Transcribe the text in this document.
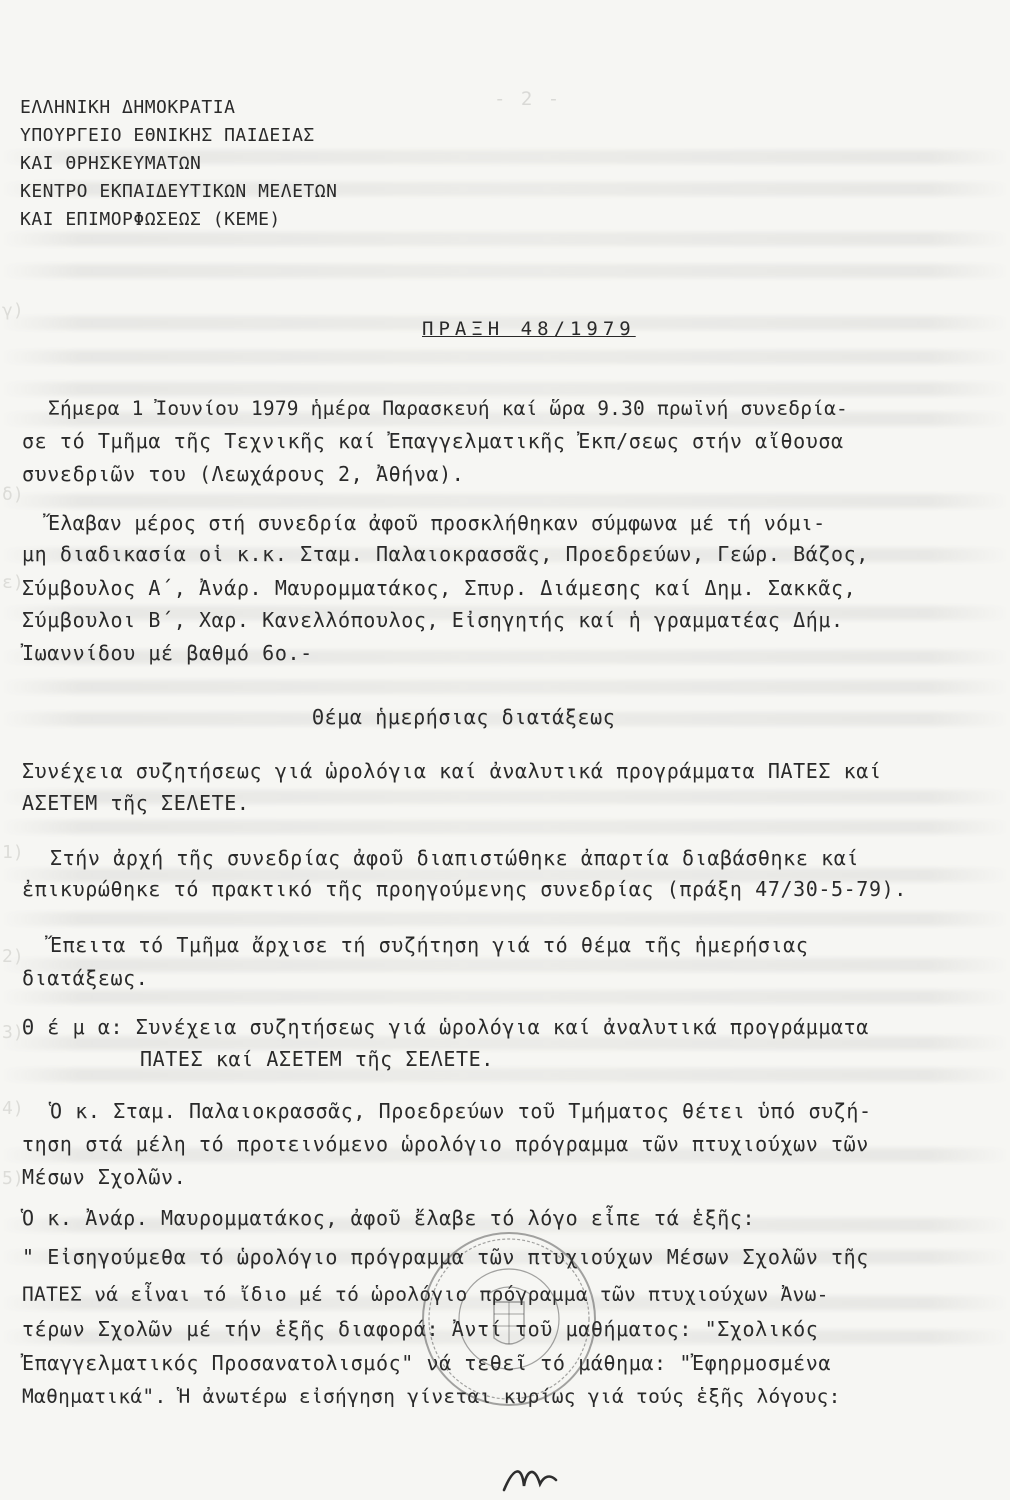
- 2 -
γ)
δ)
ε)
1)
2)
3)
4)
5)
ΕΛΛΗΝΙΚΗ ΔΗΜΟΚΡΑΤΙΑ
ΥΠΟΥΡΓΕΙΟ ΕΘΝΙΚΗΣ ΠΑΙΔΕΙΑΣ
ΚΑΙ ΘΡΗΣΚΕΥΜΑΤΩΝ
ΚΕΝΤΡΟ ΕΚΠΑΙΔΕΥΤΙΚΩΝ ΜΕΛΕΤΩΝ
ΚΑΙ ΕΠΙΜΟΡΦΩΣΕΩΣ (ΚΕΜΕ)
ΠΡΑΞΗ 48/1979
Σήμερα 1 Ἰουνίου 1979 ἡμέρα Παρασκευή καί ὥρα 9.30 πρωϊνή συνεδρία-
σε τό Τμῆμα τῆς Τεχνικῆς καί Ἐπαγγελματικῆς Ἐκπ/σεως στήν αἴθουσα
συνεδριῶν του (Λεωχάρους 2, Ἀθήνα).
Ἔλαβαν μέρος στή συνεδρία ἀφοῦ προσκλήθηκαν σύμφωνα μέ τή νόμι-
μη διαδικασία οἱ κ.κ. Σταμ. Παλαιοκρασσᾶς, Προεδρεύων, Γεώρ. Βάζος,
Σύμβουλος Α΄, Ἀνάρ. Μαυρομματάκος, Σπυρ. Διάμεσης καί Δημ. Σακκᾶς,
Σύμβουλοι Β΄, Χαρ. Κανελλόπουλος, Εἰσηγητής καί ἡ γραμματέας Δήμ.
Ἰωαννίδου μέ βαθμό 6ο.-
Θέμα ἡμερήσιας διατάξεως
Συνέχεια συζητήσεως γιά ὡρολόγια καί ἀναλυτικά προγράμματα ΠΑΤΕΣ καί
ΑΣΕΤΕΜ τῆς ΣΕΛΕΤΕ.
Στήν ἀρχή τῆς συνεδρίας ἀφοῦ διαπιστώθηκε ἀπαρτία διαβάσθηκε καί
ἐπικυρώθηκε τό πρακτικό τῆς προηγούμενης συνεδρίας (πράξη 47/30-5-79).
Ἔπειτα τό Τμῆμα ἄρχισε τή συζήτηση γιά τό θέμα τῆς ἡμερήσιας
διατάξεως.
Θ έ μ α: Συνέχεια συζητήσεως γιά ὡρολόγια καί ἀναλυτικά προγράμματα
ΠΑΤΕΣ καί ΑΣΕΤΕΜ τῆς ΣΕΛΕΤΕ.
Ὁ κ. Σταμ. Παλαιοκρασσᾶς, Προεδρεύων τοῦ Τμήματος θέτει ὑπό συζή-
τηση στά μέλη τό προτεινόμενο ὡρολόγιο πρόγραμμα τῶν πτυχιούχων τῶν
Μέσων Σχολῶν.
Ὁ κ. Ἀνάρ. Μαυρομματάκος, ἀφοῦ ἔλαβε τό λόγο εἶπε τά ἑξῆς:
" Εἰσηγούμεθα τό ὡρολόγιο πρόγραμμα τῶν πτυχιούχων Μέσων Σχολῶν τῆς
ΠΑΤΕΣ νά εἶναι τό ἴδιο μέ τό ὡρολόγιο πρόγραμμα τῶν πτυχιούχων Ἀνω-
τέρων Σχολῶν μέ τήν ἑξῆς διαφορά: Ἀντί τοῦ μαθήματος: "Σχολικός
Ἐπαγγελματικός Προσανατολισμός" νά τεθεῖ τό μάθημα: "Ἐφηρμοσμένα
Μαθηματικά". Ἡ ἀνωτέρω εἰσήγηση γίνεται κυρίως γιά τούς ἑξῆς λόγους:
